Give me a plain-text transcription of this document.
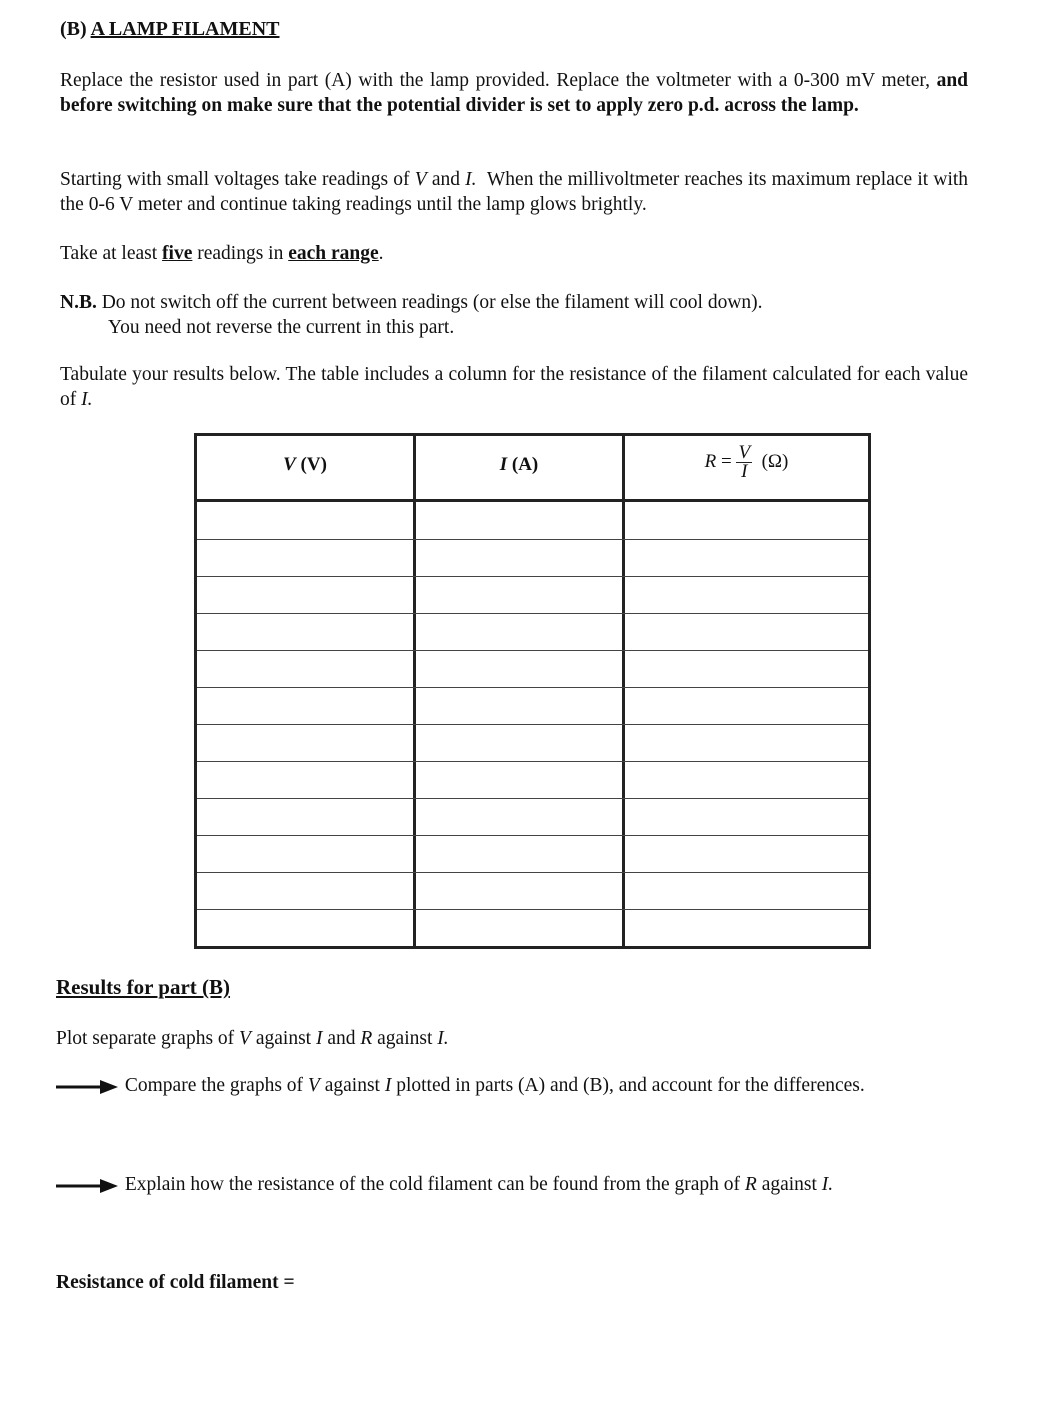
(B) A LAMP FILAMENT

Replace the resistor used in part (A) with the lamp provided. Replace the voltmeter with a 0-300 mV meter, and before switching on make sure that the potential divider is set to apply zero p.d. across the lamp.

Starting with small voltages take readings of V and I. When the millivoltmeter reaches its maximum replace it with the 0-6 V meter and continue taking readings until the lamp glows brightly.

Take at least five readings in each range.

N.B. Do not switch off the current between readings (or else the filament will cool down).
You need not reverse the current in this part.

Tabulate your results below. The table includes a column for the resistance of the filament calculated for each value of I.

V (V)	I (A)	$R = \frac{V}{I} (\Omega)$
Results for part (B)
Plot separate graphs of V against I and R against I.
Compare the graphs of V against I plotted in parts (A) and (B), and account for the differences.
Explain how the resistance of the cold filament can be found from the graph of R against I.
Resistance of cold filament =
